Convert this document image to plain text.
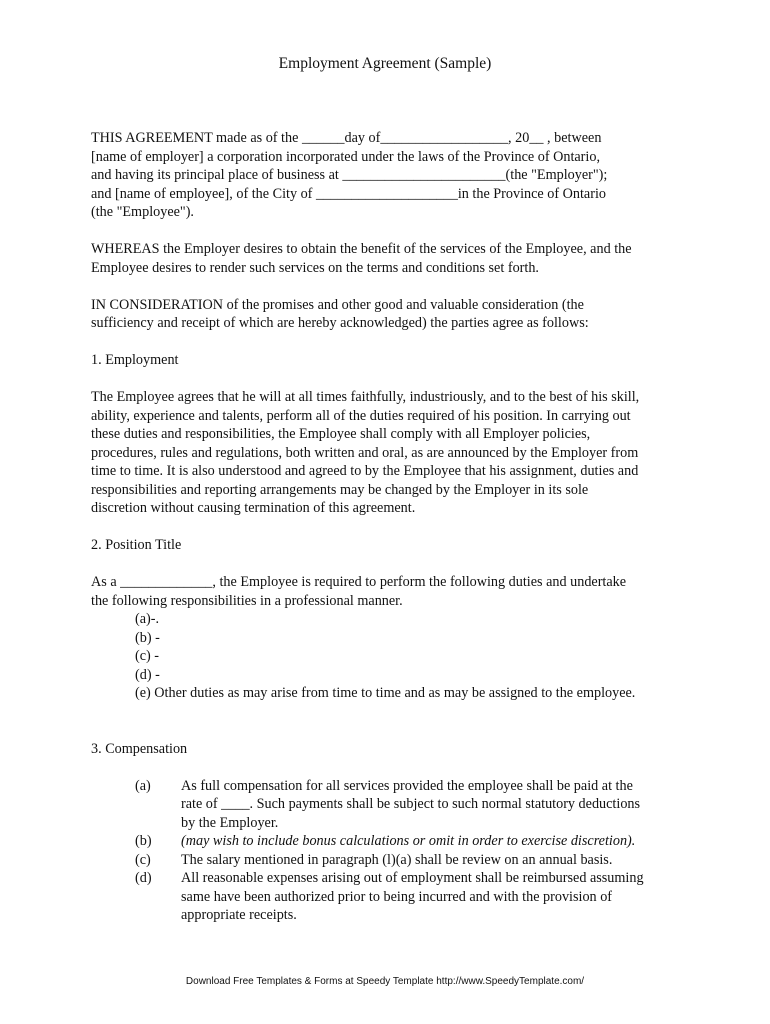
Employment Agreement (Sample)
THIS AGREEMENT made as of the ______day of__________________, 20__ , between
[name of employer] a corporation incorporated under the laws of the Province of Ontario,
and having its principal place of business at _______________________(the "Employer");
and [name of employee], of the City of ____________________in the Province of Ontario
(the "Employee").
WHEREAS the Employer desires to obtain the benefit of the services of the Employee, and the
Employee desires to render such services on the terms and conditions set forth.
IN CONSIDERATION of the promises and other good and valuable consideration (the
sufficiency and receipt of which are hereby acknowledged) the parties agree as follows:
1. Employment
The Employee agrees that he will at all times faithfully, industriously, and to the best of his skill,
ability, experience and talents, perform all of the duties required of his position. In carrying out
these duties and responsibilities, the Employee shall comply with all Employer policies,
procedures, rules and regulations, both written and oral, as are announced by the Employer from
time to time. It is also understood and agreed to by the Employee that his assignment, duties and
responsibilities and reporting arrangements may be changed by the Employer in its sole
discretion without causing termination of this agreement.
2. Position Title
As a _____________, the Employee is required to perform the following duties and undertake
the following responsibilities in a professional manner.
(a)-.
(b) -
(c) -
(d) -
(e) Other duties as may arise from time to time and as may be assigned to the employee.
3. Compensation
(a)	As full compensation for all services provided the employee shall be paid at the
rate of ____. Such payments shall be subject to such normal statutory deductions
by the Employer.
(b)	(may wish to include bonus calculations or omit in order to exercise discretion).
(c)	The salary mentioned in paragraph (l)(a) shall be review on an annual basis.
(d)	All reasonable expenses arising out of employment shall be reimbursed assuming
same have been authorized prior to being incurred and with the provision of
appropriate receipts.
Download Free Templates & Forms at Speedy Template http://www.SpeedyTemplate.com/
